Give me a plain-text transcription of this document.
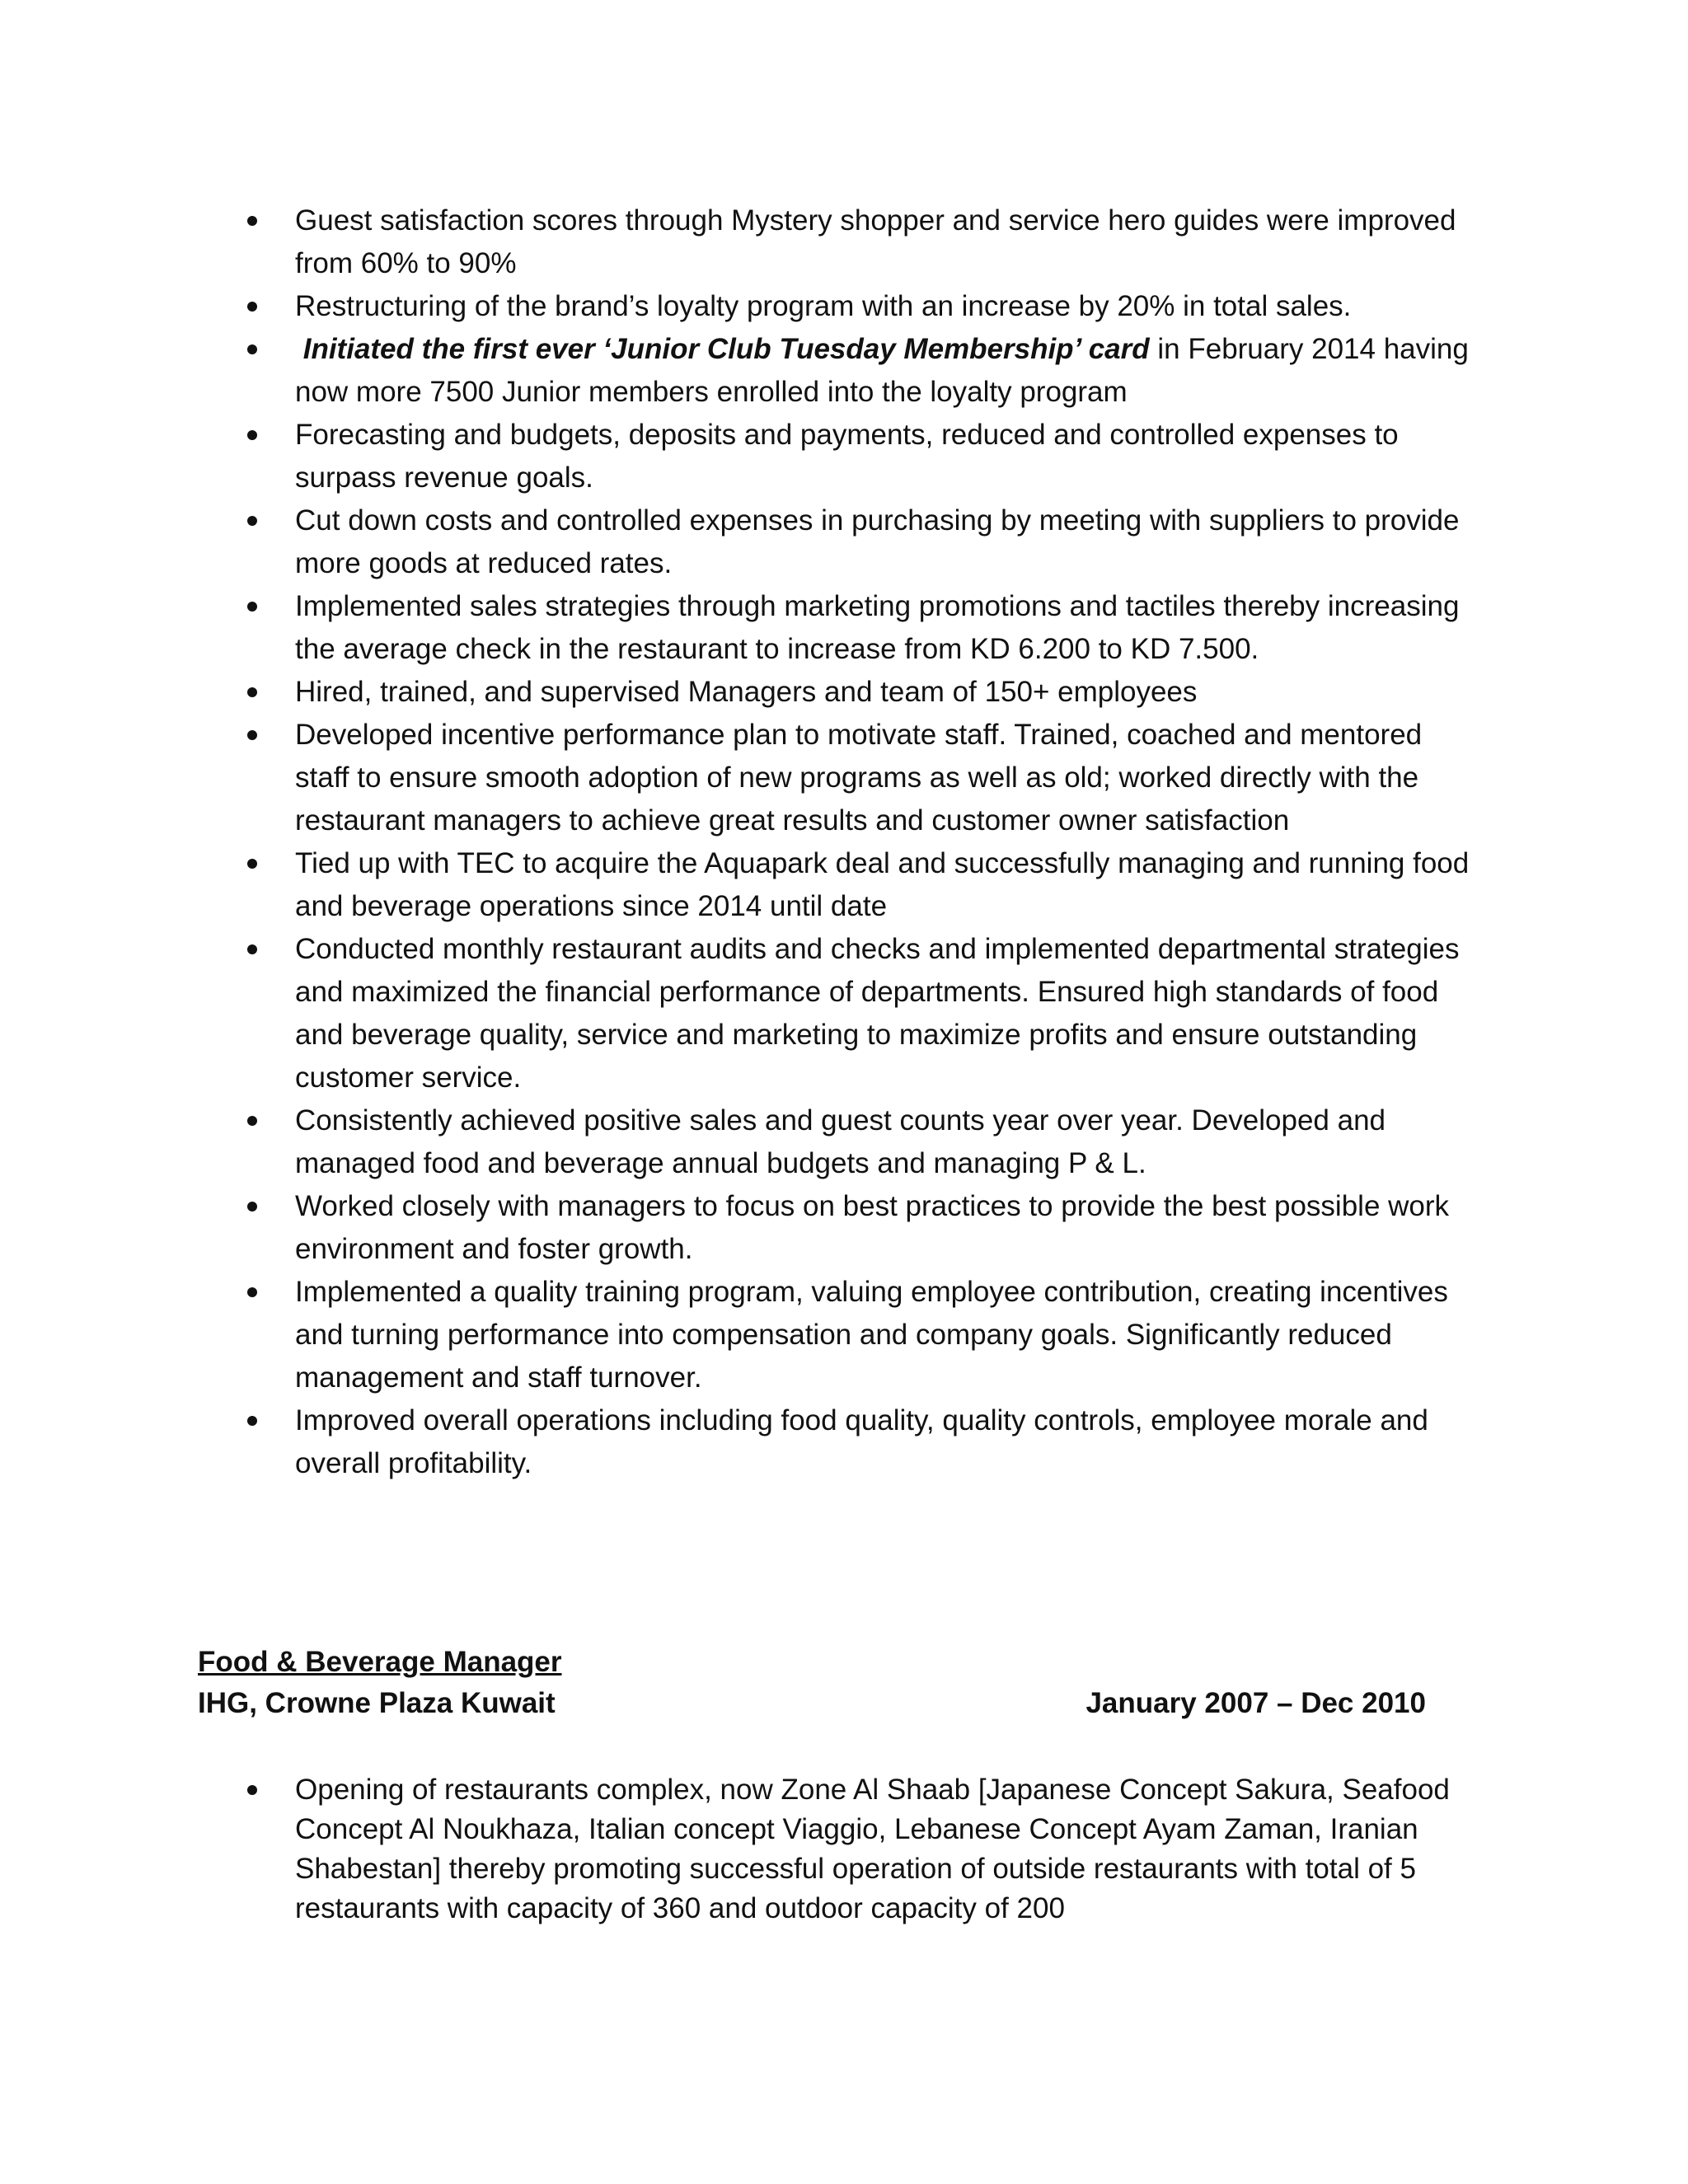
Guest satisfaction scores through Mystery shopper and service hero guides were improved from 60% to 90%
Restructuring of the brand’s loyalty program with an increase by 20% in total sales.
Initiated the first ever ‘Junior Club Tuesday Membership’ card in February 2014 having now more 7500 Junior members enrolled into the loyalty program
Forecasting and budgets, deposits and payments, reduced and controlled expenses to surpass revenue goals.
Cut down costs and controlled expenses in purchasing by meeting with suppliers to provide more goods at reduced rates.
Implemented sales strategies through marketing promotions and tactiles thereby increasing the average check in the restaurant to increase from KD 6.200 to KD 7.500.
Hired, trained, and supervised Managers and team of 150+ employees
Developed incentive performance plan to motivate staff. Trained, coached and mentored staff to ensure smooth adoption of new programs as well as old; worked directly with the restaurant managers to achieve great results and customer owner satisfaction
Tied up with TEC to acquire the Aquapark deal and successfully managing and running food and beverage operations since 2014 until date
Conducted monthly restaurant audits and checks and implemented departmental strategies and maximized the financial performance of departments. Ensured high standards of food and beverage quality, service and marketing to maximize profits and ensure outstanding customer service.
Consistently achieved positive sales and guest counts year over year. Developed and managed food and beverage annual budgets and managing P & L.
Worked closely with managers to focus on best practices to provide the best possible work environment and foster growth.
Implemented a quality training program, valuing employee contribution, creating incentives and turning performance into compensation and company goals. Significantly reduced management and staff turnover.
Improved overall operations including food quality, quality controls, employee morale and overall profitability.
Food & Beverage Manager
IHG, Crowne Plaza Kuwait	January 2007 – Dec 2010
Opening of restaurants complex, now Zone Al Shaab [Japanese Concept Sakura, Seafood Concept Al Noukhaza, Italian concept Viaggio, Lebanese Concept Ayam Zaman, Iranian Shabestan] thereby promoting successful operation of outside restaurants with total of 5 restaurants with capacity of 360 and outdoor capacity of 200
